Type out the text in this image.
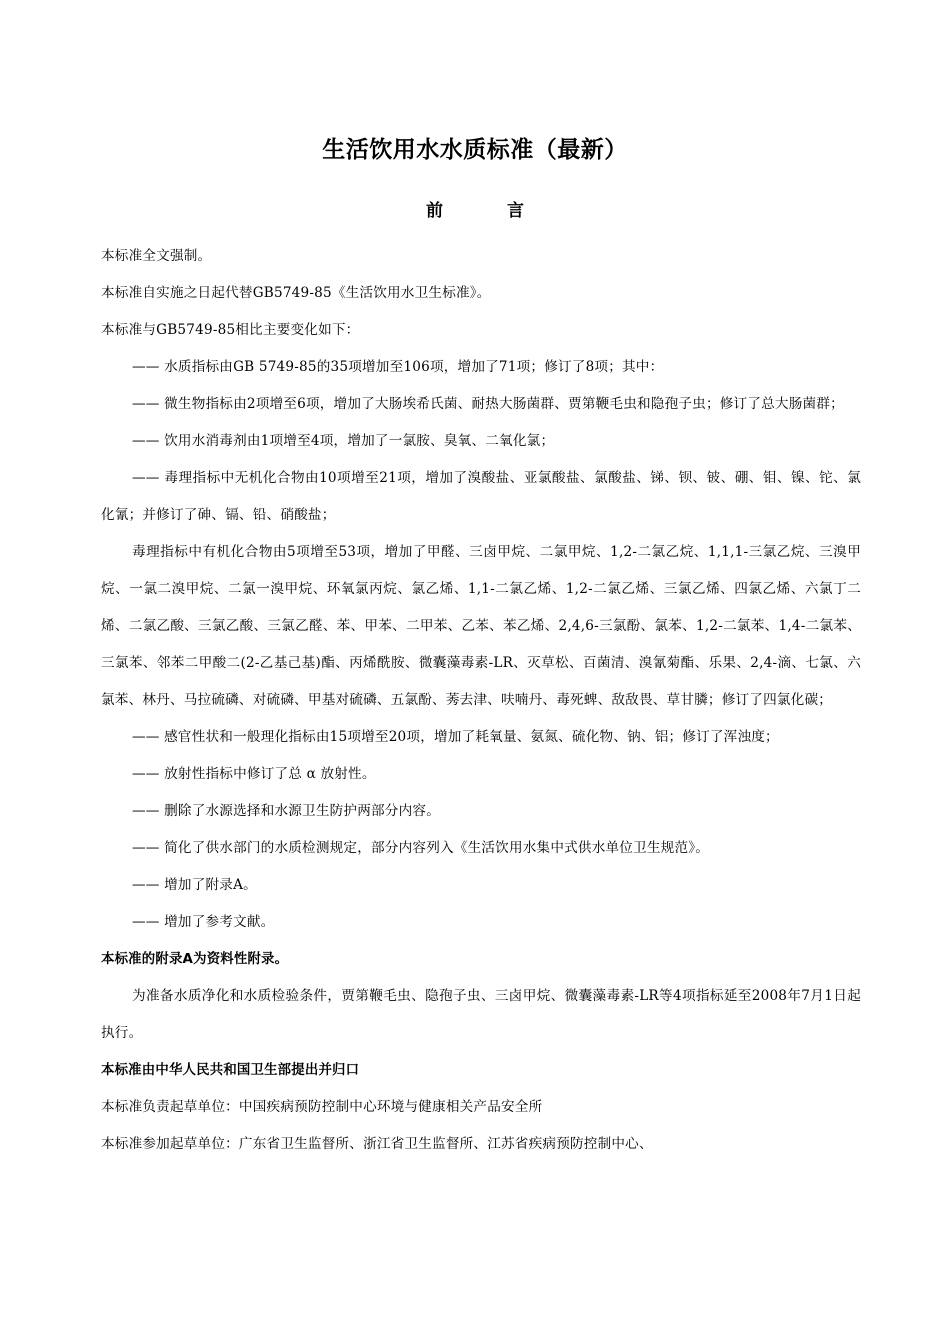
生活饮用水水质标准（最新）
前	言

本标准全文强制。

本标准自实施之日起代替GB5749-85《生活饮用水卫生标准》。

本标准与GB5749-85相比主要变化如下：

—— 水质指标由GB 5749-85的35项增加至106项，增加了71项；修订了8项；其中：

—— 微生物指标由2项增至6项，增加了大肠埃希氏菌、耐热大肠菌群、贾第鞭毛虫和隐孢子虫；修订了总大肠菌群；

—— 饮用水消毒剂由1项增至4项，增加了一氯胺、臭氧、二氧化氯；

—— 毒理指标中无机化合物由10项增至21项，增加了溴酸盐、亚氯酸盐、氯酸盐、锑、钡、铍、硼、钼、镍、铊、氯化氰；并修订了砷、镉、铅、硝酸盐；

毒理指标中有机化合物由5项增至53项，增加了甲醛、三卤甲烷、二氯甲烷、1,2-二氯乙烷、1,1,1-三氯乙烷、三溴甲烷、一氯二溴甲烷、二氯一溴甲烷、环氧氯丙烷、氯乙烯、1,1-二氯乙烯、1,2-二氯乙烯、三氯乙烯、四氯乙烯、六氯丁二烯、二氯乙酸、三氯乙酸、三氯乙醛、苯、甲苯、二甲苯、乙苯、苯乙烯、2,4,6-三氯酚、氯苯、1,2-二氯苯、1,4-二氯苯、三氯苯、邻苯二甲酸二(2-乙基己基)酯、丙烯酰胺、微囊藻毒素-LR、灭草松、百菌清、溴氰菊酯、乐果、2,4-滴、七氯、六氯苯、林丹、马拉硫磷、对硫磷、甲基对硫磷、五氯酚、莠去津、呋喃丹、毒死蜱、敌敌畏、草甘膦；修订了四氯化碳；

—— 感官性状和一般理化指标由15项增至20项，增加了耗氧量、氨氮、硫化物、钠、铝；修订了浑浊度；

—— 放射性指标中修订了总 α 放射性。

—— 删除了水源选择和水源卫生防护两部分内容。

—— 简化了供水部门的水质检测规定，部分内容列入《生活饮用水集中式供水单位卫生规范》。

—— 增加了附录A。

—— 增加了参考文献。

本标准的附录A为资料性附录。

为准备水质净化和水质检验条件，贾第鞭毛虫、隐孢子虫、三卤甲烷、微囊藻毒素-LR等4项指标延至2008年7月1日起执行。

本标准由中华人民共和国卫生部提出并归口

本标准负责起草单位：中国疾病预防控制中心环境与健康相关产品安全所

本标准参加起草单位：广东省卫生监督所、浙江省卫生监督所、江苏省疾病预防控制中心、
